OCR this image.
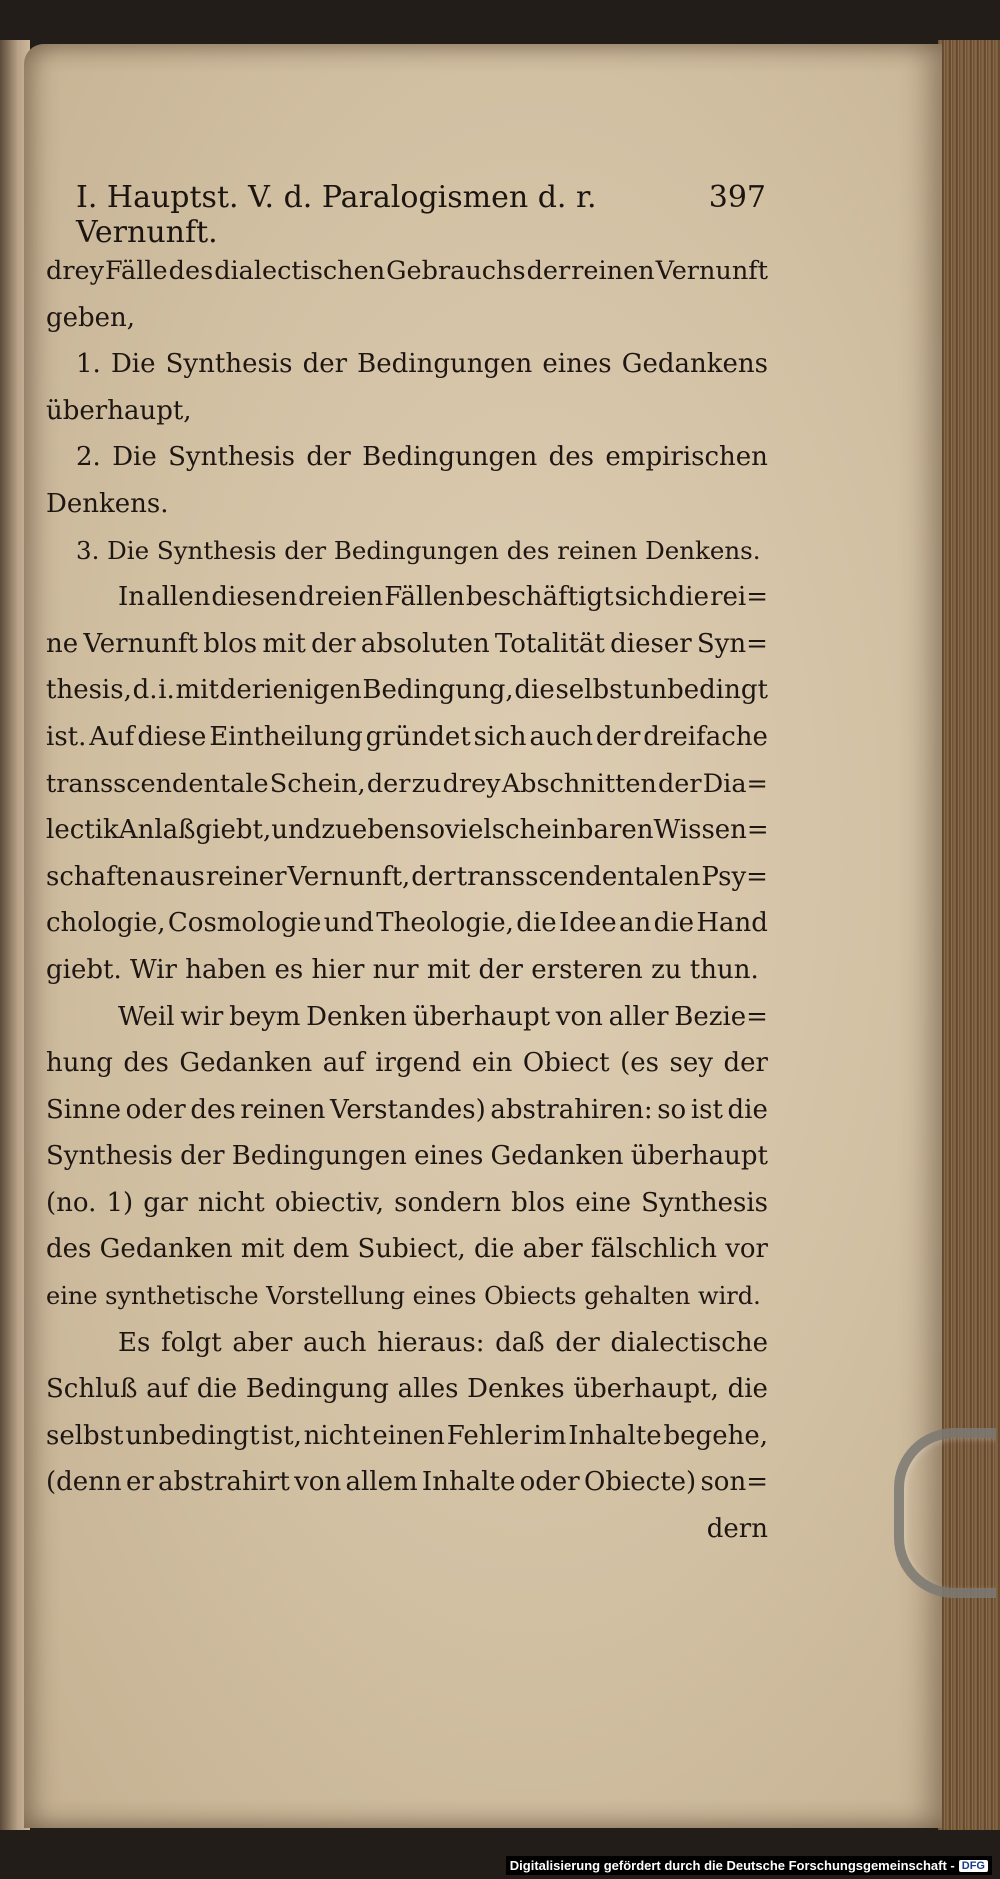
I. Hauptst. V. d. Paralogismen d. r. Vernunft.
397
drey Fälle des dialectischen Gebrauchs der reinen Vernunft
geben,
1. Die Synthesis der Bedingungen eines Gedankens
überhaupt,
2. Die Synthesis der Bedingungen des empirischen
Denkens.
3. Die Synthesis der Bedingungen des reinen Denkens.
In allen diesen dreien Fällen beschäftigt sich die rei=
ne Vernunft blos mit der absoluten Totalität dieser Syn=
thesis, d. i. mit derienigen Bedingung, die selbst unbedingt
ist. Auf diese Eintheilung gründet sich auch der dreifache
transscendentale Schein, der zu drey Abschnitten der Dia=
lectik Anlaß giebt, und zu eben so viel scheinbaren Wissen=
schaften aus reiner Vernunft, der transscendentalen Psy=
chologie, Cosmologie und Theologie, die Idee an die Hand
giebt. Wir haben es hier nur mit der ersteren zu thun.
Weil wir beym Denken überhaupt von aller Bezie=
hung des Gedanken auf irgend ein Obiect (es sey der
Sinne oder des reinen Verstandes) abstrahiren: so ist die
Synthesis der Bedingungen eines Gedanken überhaupt
(no. 1) gar nicht obiectiv, sondern blos eine Synthesis
des Gedanken mit dem Subiect, die aber fälschlich vor
eine synthetische Vorstellung eines Obiects gehalten wird.
Es folgt aber auch hieraus: daß der dialectische
Schluß auf die Bedingung alles Denkes überhaupt, die
selbst unbedingt ist, nicht einen Fehler im Inhalte begehe,
(denn er abstrahirt von allem Inhalte oder Obiecte) son=
dern
Digitalisierung gefördert durch die Deutsche Forschungsgemeinschaft - DFG
